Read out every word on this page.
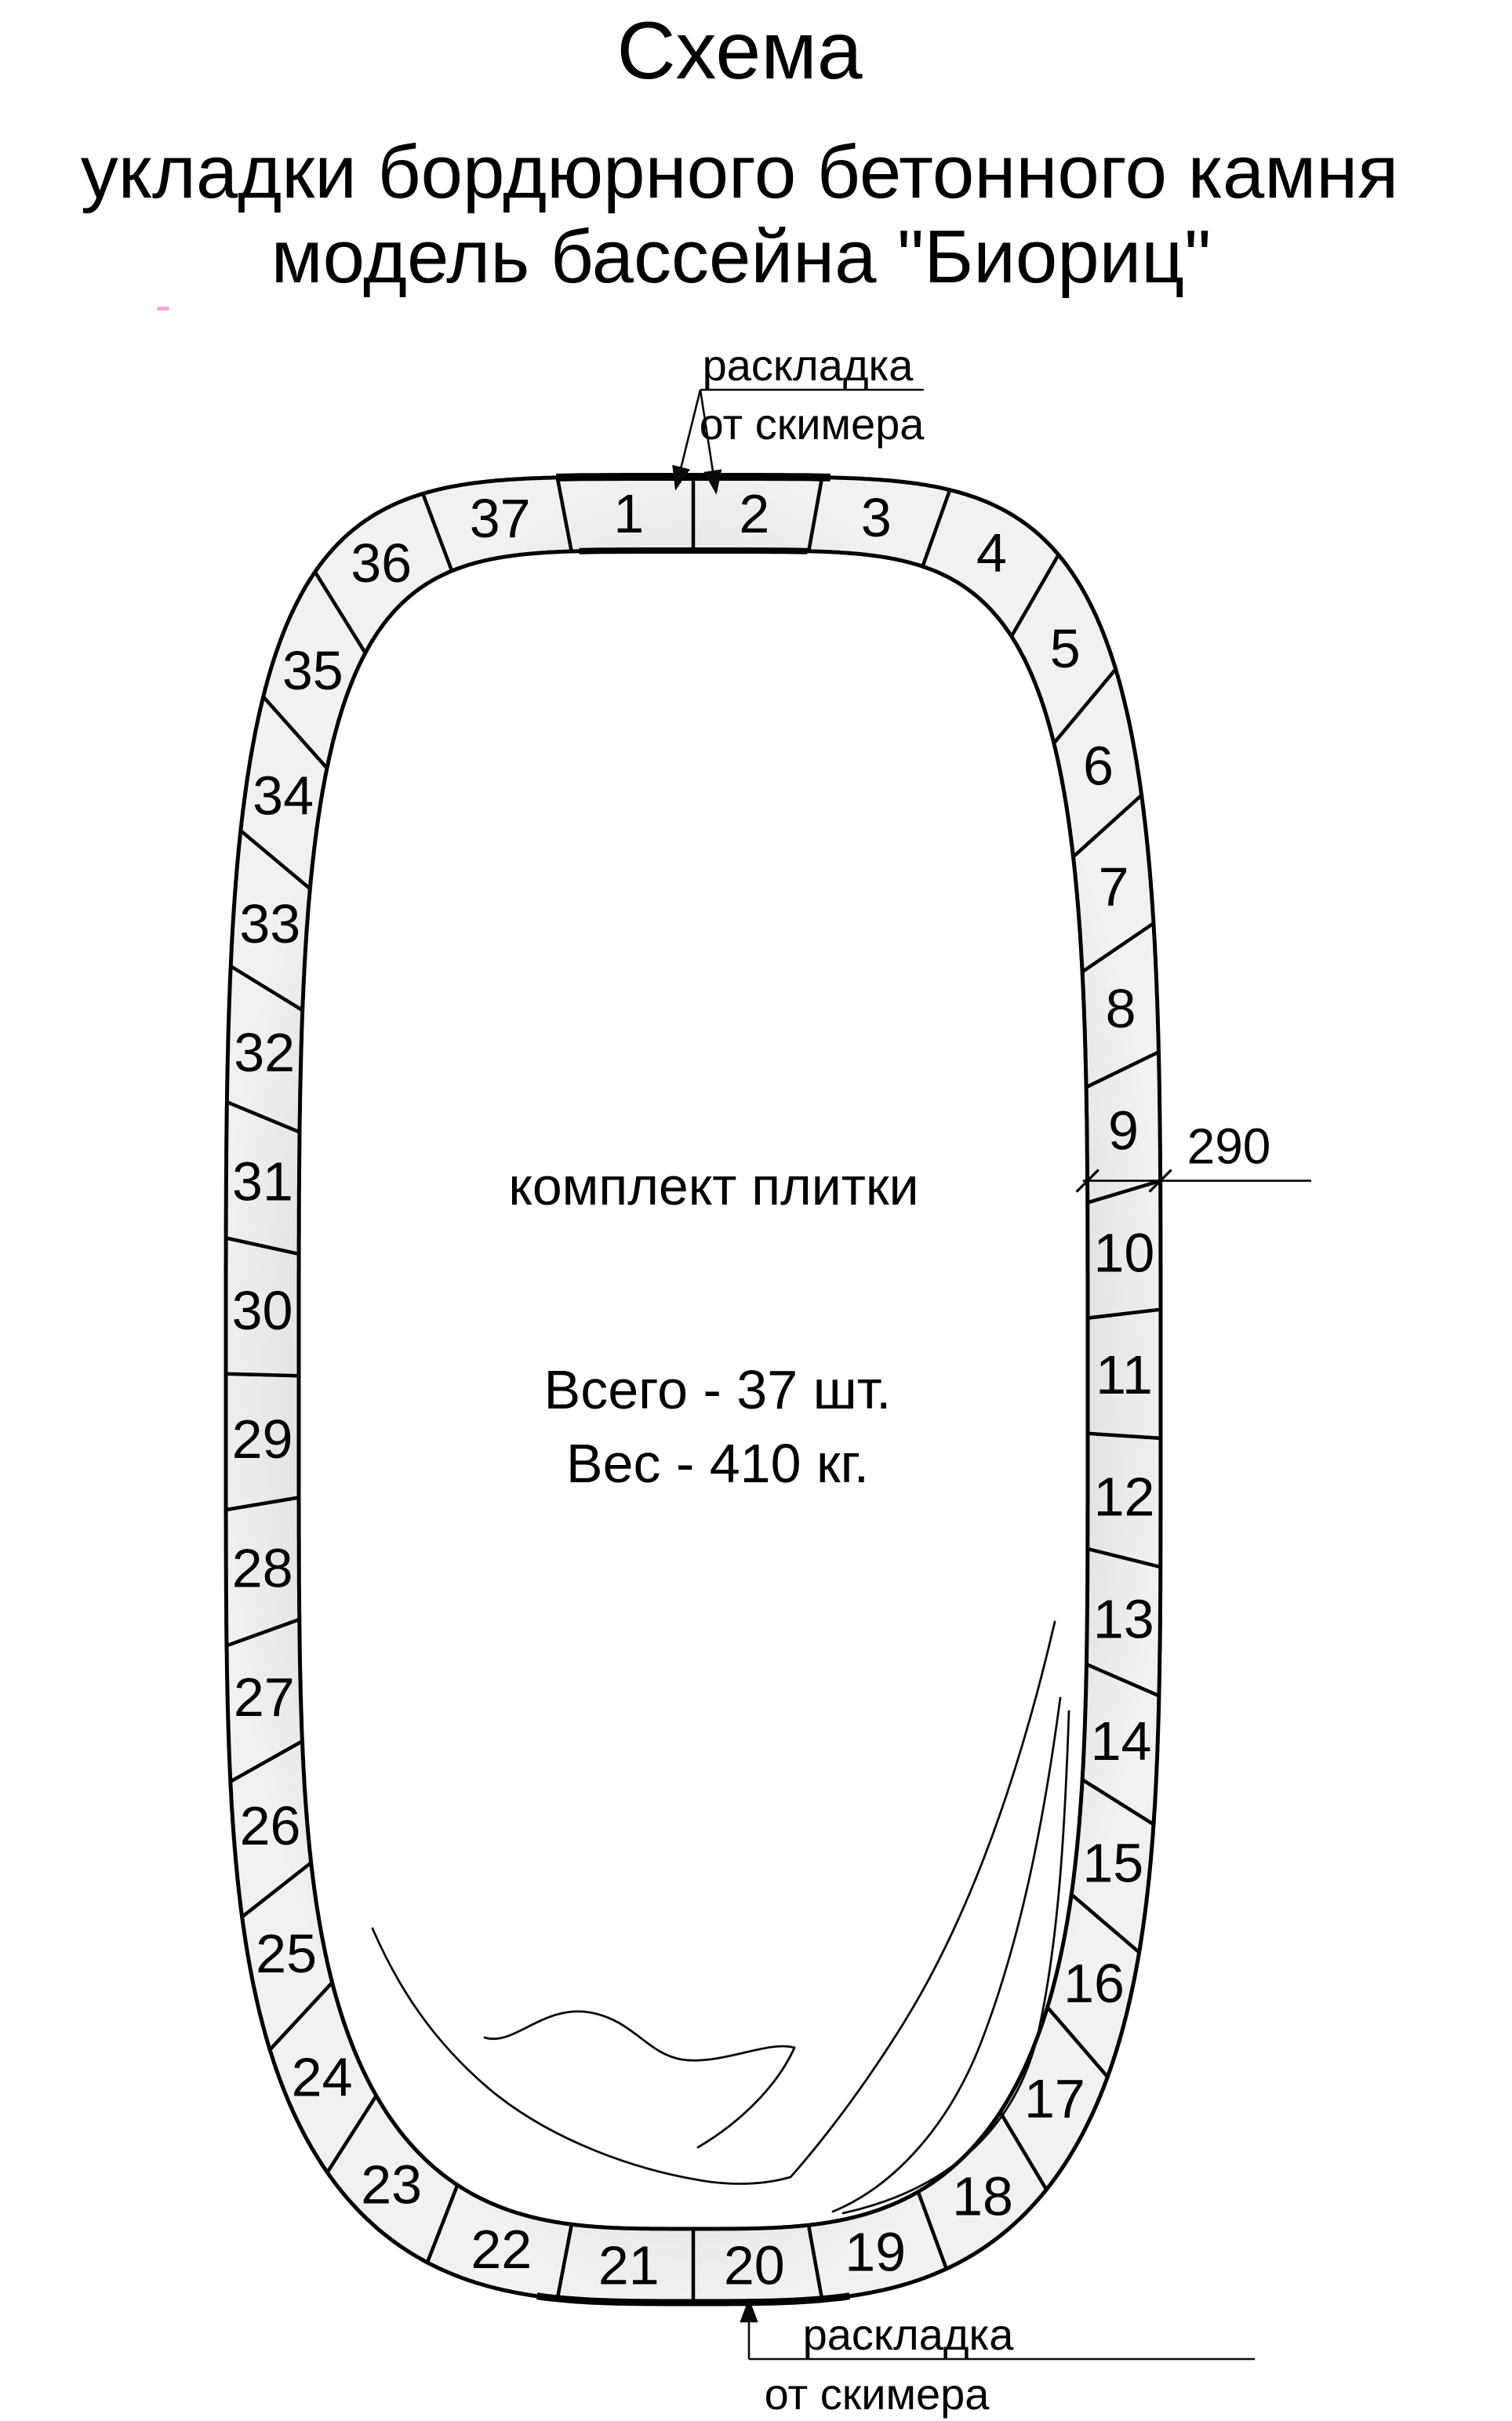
1 2 3
4
5
6
7
8
9
10
11
12
13
14
15
16
17
18
19
20
21
22
23
24
25
26
27
28
29
30
31
32
33
34
35
36
37
Схема
укладки бордюрного бетонного камня
модель бассейна "Биориц"
раскладка
от скимера
комплект плитки
Всего - 37 шт.
Вес - 410 кг.
290
раскладка
от скимера
